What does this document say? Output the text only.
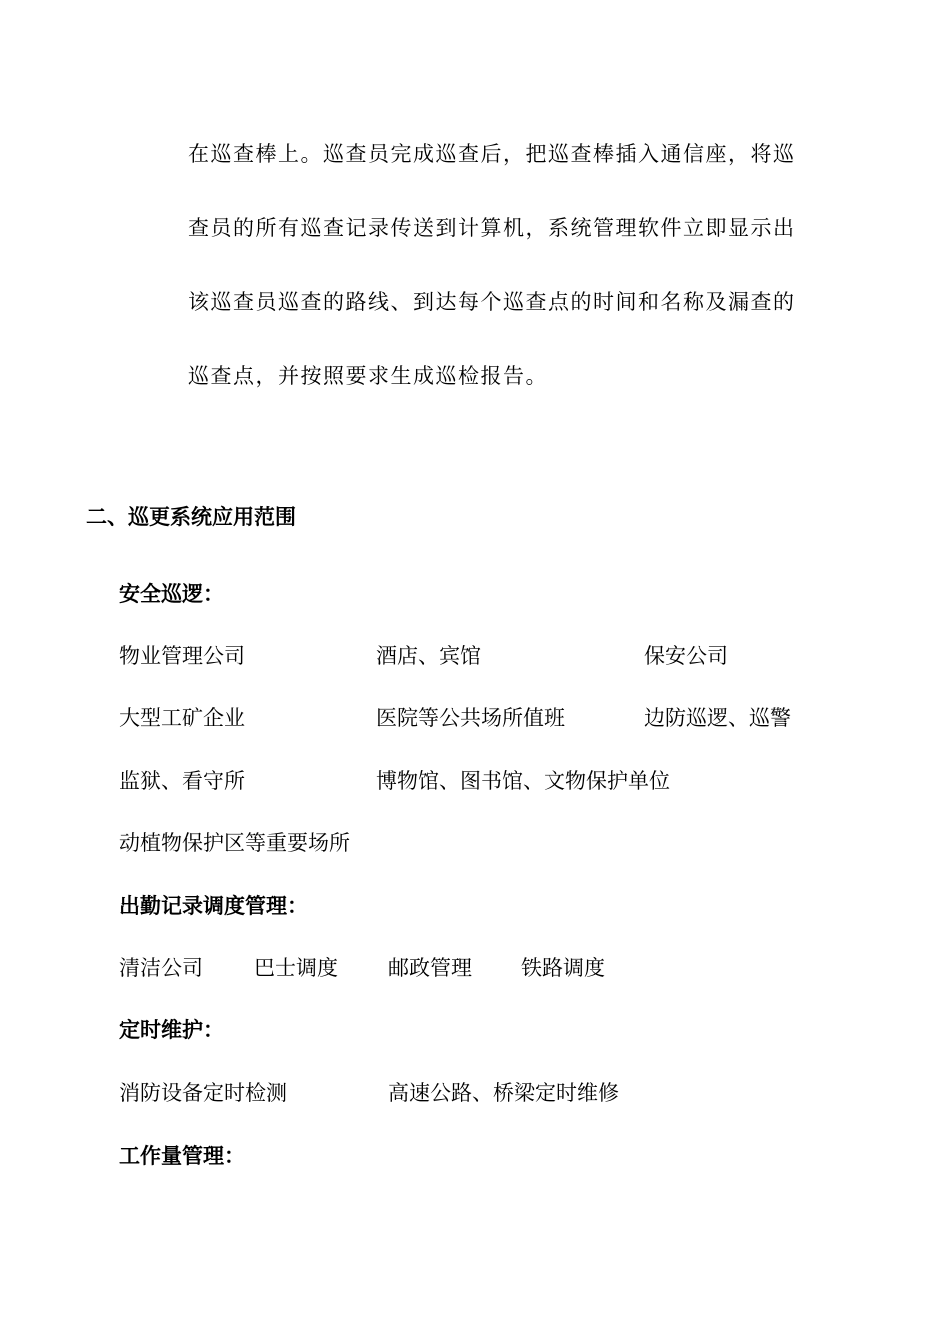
在巡查棒上。巡查员完成巡查后，把巡查棒插入通信座，将巡
查员的所有巡查记录传送到计算机，系统管理软件立即显示出
该巡查员巡查的路线、到达每个巡查点的时间和名称及漏查的
巡查点，并按照要求生成巡检报告。
二、巡更系统应用范围
安全巡逻：
物业管理公司	酒店、宾馆	保安公司
大型工矿企业	医院等公共场所值班	边防巡逻、巡警
监狱、看守所	博物馆、图书馆、文物保护单位
动植物保护区等重要场所
出勤记录调度管理：
清洁公司 巴士调度 邮政管理 铁路调度
定时维护：
消防设备定时检测	高速公路、桥梁定时维修
工作量管理：
